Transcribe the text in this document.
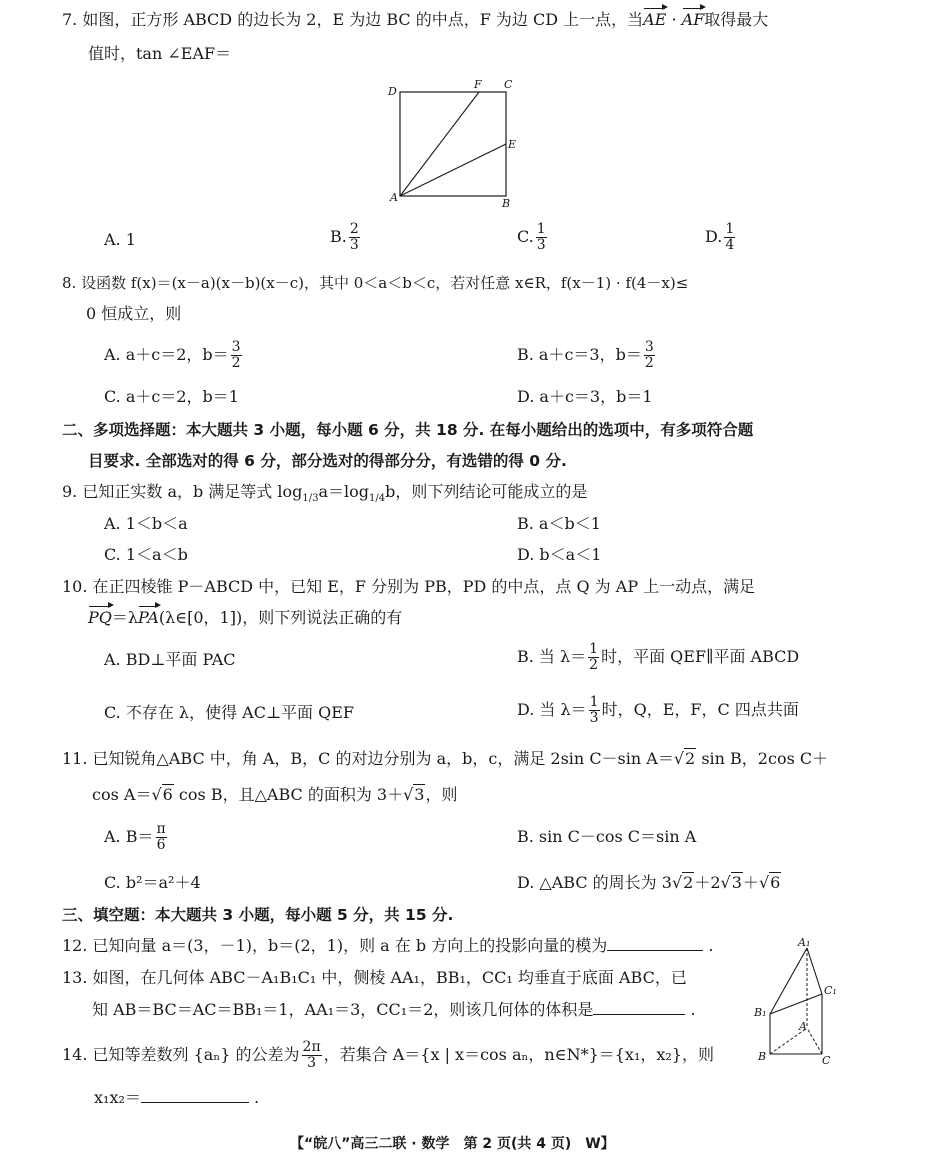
7. 如图，正方形 ABCD 的边长为 2，E 为边 BC 的中点，F 为边 CD 上一点，当AE · AF取得最大
值时，tan ∠EAF＝
D
F C
E
A	B
A. 1	B. $\frac{2}{3}$	C. $\frac{1}{3}$	D. $\frac{1}{4}$
8. 设函数 f(x)＝(x－a)(x－b)(x－c)，其中 0＜a＜b＜c，若对任意 x∈R，f(x－1) · f(4－x)≤
0 恒成立，则
A. a＋c＝2，$b= \frac{3}{2}$	B. a＋c＝3，$b= \frac{3}{2}$
C. a＋c＝2，b＝1	D. a＋c＝3，b＝1
二、多项选择题：本大题共 3 小题，每小题 6 分，共 18 分. 在每小题给出的选项中，有多项符合题
目要求. 全部选对的得 6 分，部分选对的得部分分，有选错的得 0 分.
9. 已知正实数 a，b 满足等式 $\log_{1/3}a=\log_{1/4}b$，则下列结论可能成立的是
A. 1＜b＜a	B. a＜b＜1
C. 1＜a＜b	D. b＜a＜1
10. 在正四棱锥 P－ABCD 中，已知 E，F 分别为 PB，PD 的中点，点 Q 为 AP 上一动点，满足
PQ＝λPA(λ∈[0，1])，则下列说法正确的有
A. BD⊥平面 PAC	B. 当 $\lambda= \frac{1}{2}$ 时，平面 QEF∥平面 ABCD
C. 不存在 λ，使得 AC⊥平面 QEF	D. 当 $\lambda= \frac{1}{3}$ 时，Q，E，F，C 四点共面
11. 已知锐角△ABC 中，角 A，B，C 的对边分别为 a，b，c，满足 2sin C－sin A＝√2 sin B，2cos C＋
cos A＝√6 cos B，且△ABC 的面积为 3＋√3，则
A. $B= \frac{\pi}{6}$	B. sin C－cos C＝sin A
C. b²＝a²＋4	D. △ABC 的周长为 3√2＋2√3＋√6
三、填空题：本大题共 3 小题，每小题 5 分，共 15 分.
12. 已知向量 a＝(3，－1)，b＝(2，1)，则 a 在 b 方向上的投影向量的模为	.
13. 如图，在几何体 ABC－A₁B₁C₁ 中，侧棱 AA₁，BB₁，CC₁ 均垂直于底面 ABC，已
知 AB＝BC＝AC＝BB₁＝1，AA₁＝3，CC₁＝2，则该几何体的体积是	.
A₁
B₁
C₁
A
B	C
14. 已知等差数列 {aₙ} 的公差为 $\frac{2\pi}{3}$ ，若集合 A＝{x | x＝cos aₙ，n∈N*}＝{x₁，x₂}，则
x₁x₂＝	.
【“皖八”高三二联 · 数学　第 2 页(共 4 页)　W】
